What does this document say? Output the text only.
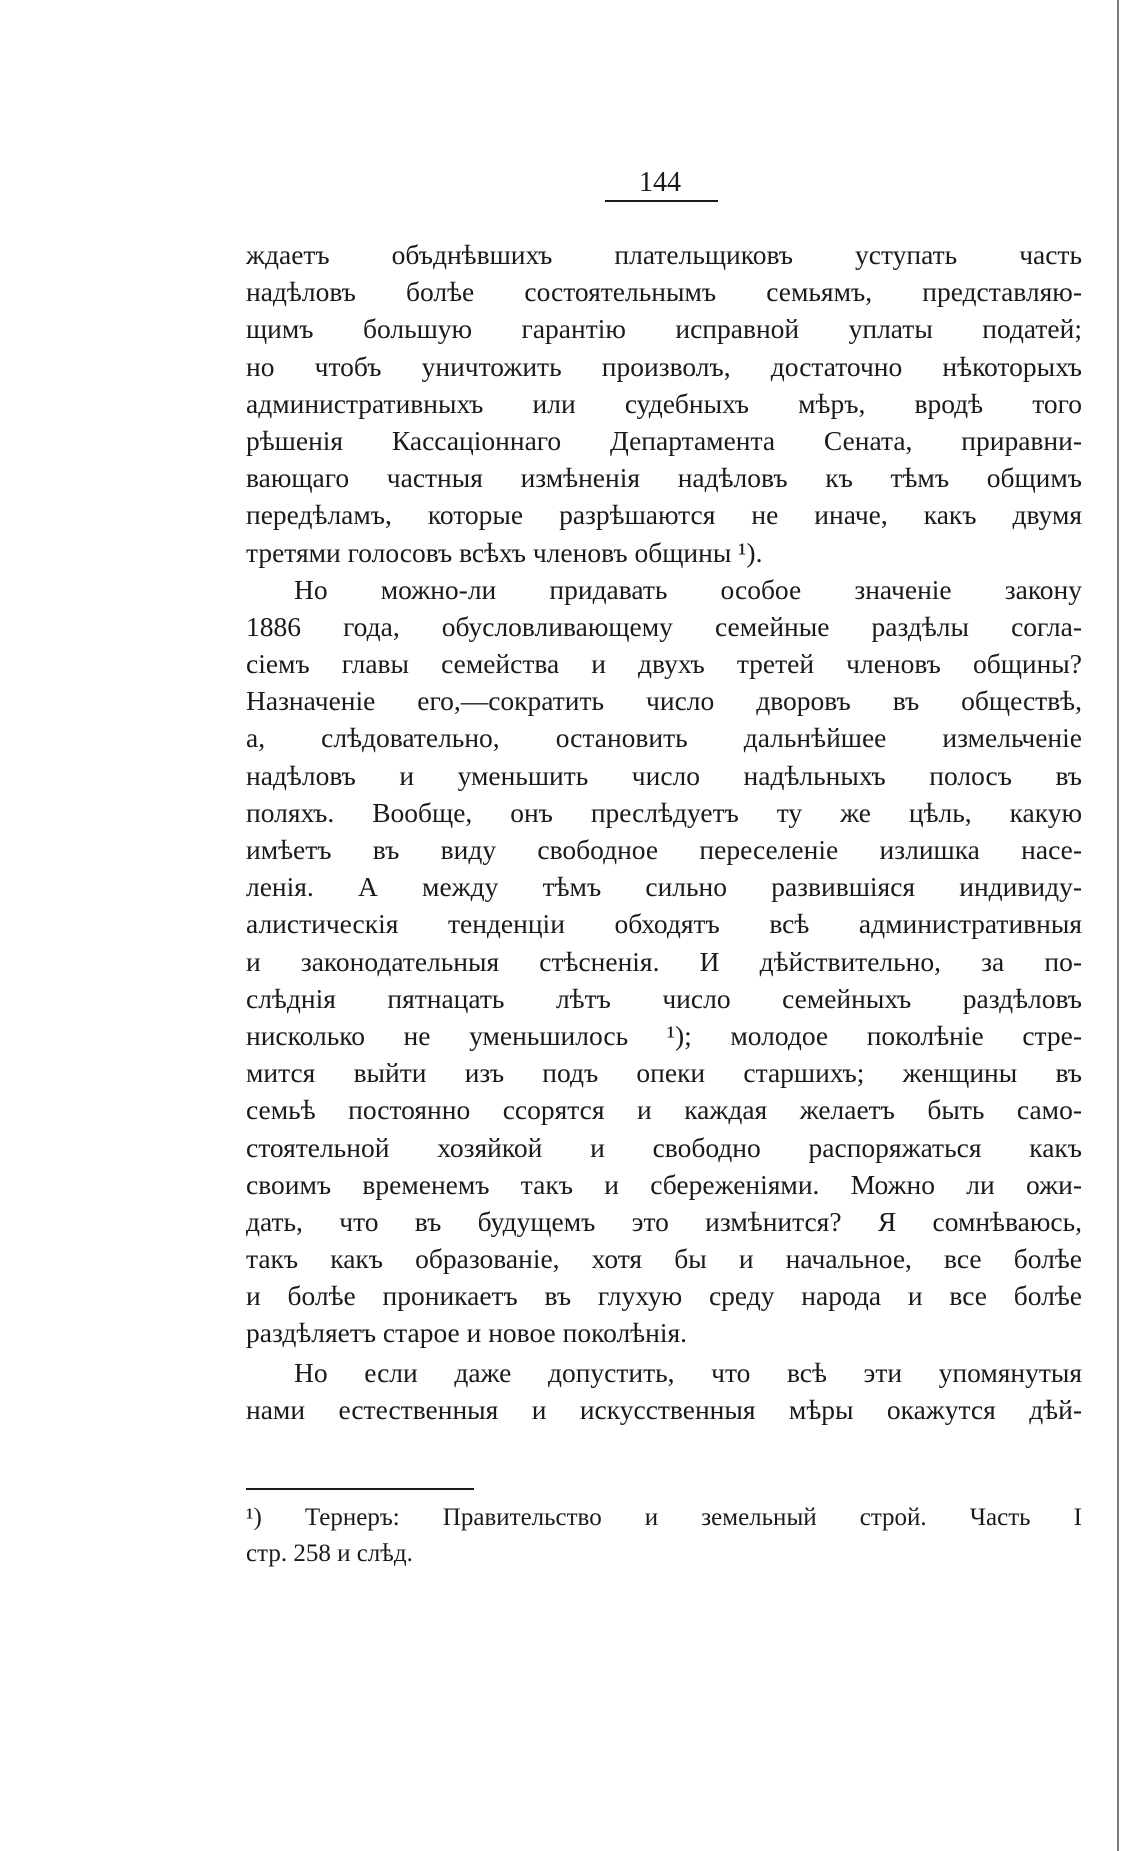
144
ждаетъ объднѣвшихъ плательщиковъ уступать часть
надѣловъ болѣе состоятельнымъ семьямъ, представляю-
щимъ большую гарантію исправной уплаты податей;
но чтобъ уничтожить произволъ, достаточно нѣкоторыхъ
административныхъ или судебныхъ мѣръ, вродѣ того
рѣшенія Кассаціоннаго Департамента Сената, приравни-
вающаго частныя измѣненія надѣловъ къ тѣмъ общимъ
передѣламъ, которые разрѣшаются не иначе, какъ двумя
третями голосовъ всѣхъ членовъ общины ¹).
Но можно-ли придавать особое значеніе закону
1886 года, обусловливающему семейные раздѣлы согла-
сіемъ главы семейства и двухъ третей членовъ общины?
Назначеніе его,—сократить число дворовъ въ обществѣ,
а, слѣдовательно, остановить дальнѣйшее измельченіе
надѣловъ и уменьшить число надѣльныхъ полосъ въ
поляхъ. Вообще, онъ преслѣдуетъ ту же цѣль, какую
имѣетъ въ виду свободное переселеніе излишка насе-
ленія. А между тѣмъ сильно развившіяся индивиду-
алистическія тенденціи обходятъ всѣ административныя
и законодательныя стѣсненія. И дѣйствительно, за по-
слѣднія пятнацать лѣтъ число семейныхъ раздѣловъ
нисколько не уменьшилось ¹); молодое поколѣніе стре-
мится выйти изъ подъ опеки старшихъ; женщины въ
семьѣ постоянно ссорятся и каждая желаетъ быть само-
стоятельной хозяйкой и свободно распоряжаться какъ
своимъ временемъ такъ и сбереженіями. Можно ли ожи-
дать, что въ будущемъ это измѣнится? Я сомнѣваюсь,
такъ какъ образованіе, хотя бы и начальное, все болѣе
и болѣе проникаетъ въ глухую среду народа и все болѣе
раздѣляетъ старое и новое поколѣнія.
Но если даже допустить, что всѣ эти упомянутыя
нами естественныя и искусственныя мѣры окажутся дѣй-
¹) Тернеръ: Правительство и земельный строй. Часть I
стр. 258 и слѣд.
